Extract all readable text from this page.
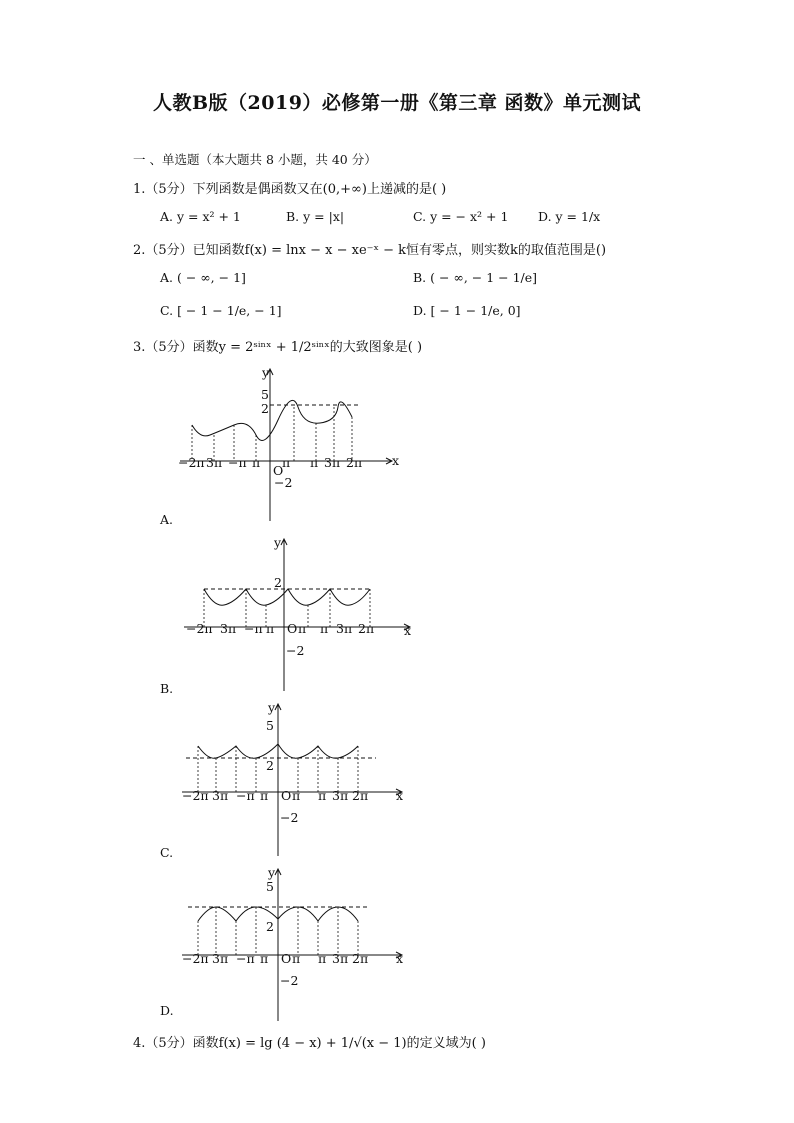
人教B版（2019）必修第一册《第三章 函数》单元测试
一 、单选题（本大题共 8 小题，共 40 分）
1.（5分）下列函数是偶函数又在(0,+∞)上递减的是( )
A. y = x² + 1	B. y = |x|	C. y = − x² + 1 D. y = 1/x
2.（5分）已知函数f(x) = lnx − x − xe⁻ˣ − k恒有零点，则实数k的取值范围是()
A. ( − ∞, − 1]	B. ( − ∞, − 1 − 1/e]
C. [ − 1 − 1/e, − 1]	D. [ − 1 − 1/e, 0]
3.（5分）函数y = 2ˢⁱⁿˣ + 1/2ˢⁱⁿˣ的大致图象是( )
y
x
O
5
2
−2
−2π 3π −π π π π 3π 2π
A.
y
x
O
2
−2
−2π 3π −π π π π 3π 2π
B.
y
x
O
5
2
−2
−2π 3π −π π π π 3π 2π
C.
y
x
O
5
2
−2
−2π 3π −π π π π 3π 2π
D.
4.（5分）函数f(x) = lg (4 − x) + 1/√(x − 1)的定义域为( )
